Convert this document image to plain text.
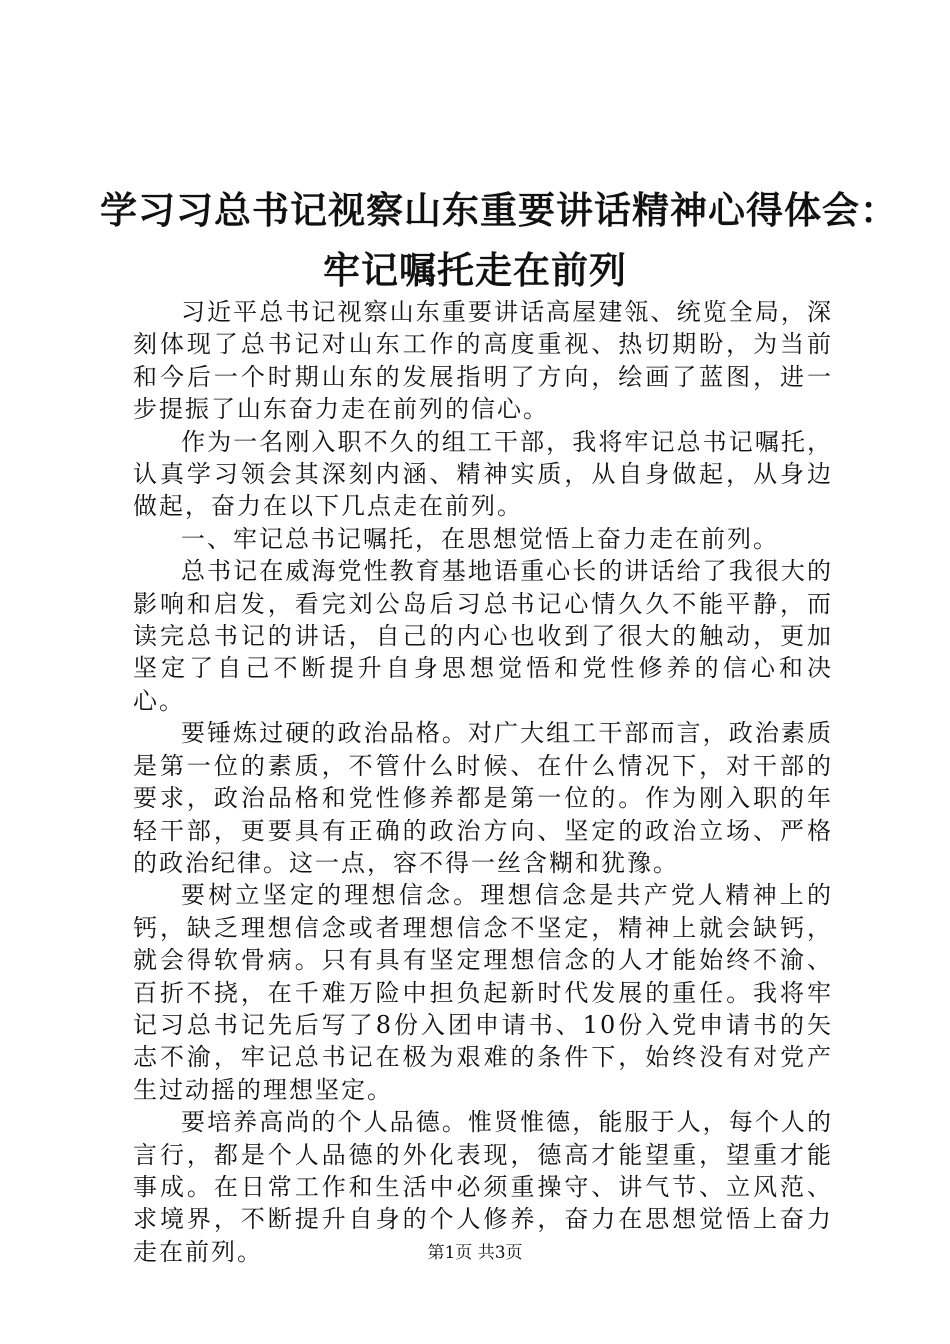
学习习总书记视察山东重要讲话精神心得体会：
牢记嘱托走在前列

习近平总书记视察山东重要讲话高屋建瓴、统览全局，深刻体现了总书记对山东工作的高度重视、热切期盼，为当前和今后一个时期山东的发展指明了方向，绘画了蓝图，进一步提振了山东奋力走在前列的信心。

作为一名刚入职不久的组工干部，我将牢记总书记嘱托，认真学习领会其深刻内涵、精神实质，从自身做起，从身边做起，奋力在以下几点走在前列。

一、牢记总书记嘱托，在思想觉悟上奋力走在前列。

总书记在威海党性教育基地语重心长的讲话给了我很大的影响和启发，看完刘公岛后习总书记心情久久不能平静，而读完总书记的讲话，自己的内心也收到了很大的触动，更加坚定了自己不断提升自身思想觉悟和党性修养的信心和决心。

要锤炼过硬的政治品格。对广大组工干部而言，政治素质是第一位的素质，不管什么时候、在什么情况下，对干部的要求，政治品格和党性修养都是第一位的。作为刚入职的年轻干部，更要具有正确的政治方向、坚定的政治立场、严格的政治纪律。这一点，容不得一丝含糊和犹豫。

要树立坚定的理想信念。理想信念是共产党人精神上的钙，缺乏理想信念或者理想信念不坚定，精神上就会缺钙，就会得软骨病。只有具有坚定理想信念的人才能始终不渝、百折不挠，在千难万险中担负起新时代发展的重任。我将牢记习总书记先后写了8份入团申请书、10份入党申请书的矢志不渝，牢记总书记在极为艰难的条件下，始终没有对党产生过动摇的理想坚定。

要培养高尚的个人品德。惟贤惟德，能服于人，每个人的言行，都是个人品德的外化表现，德高才能望重，望重才能事成。在日常工作和生活中必须重操守、讲气节、立风范、求境界，不断提升自身的个人修养，奋力在思想觉悟上奋力走在前列。	第1页 共3页
